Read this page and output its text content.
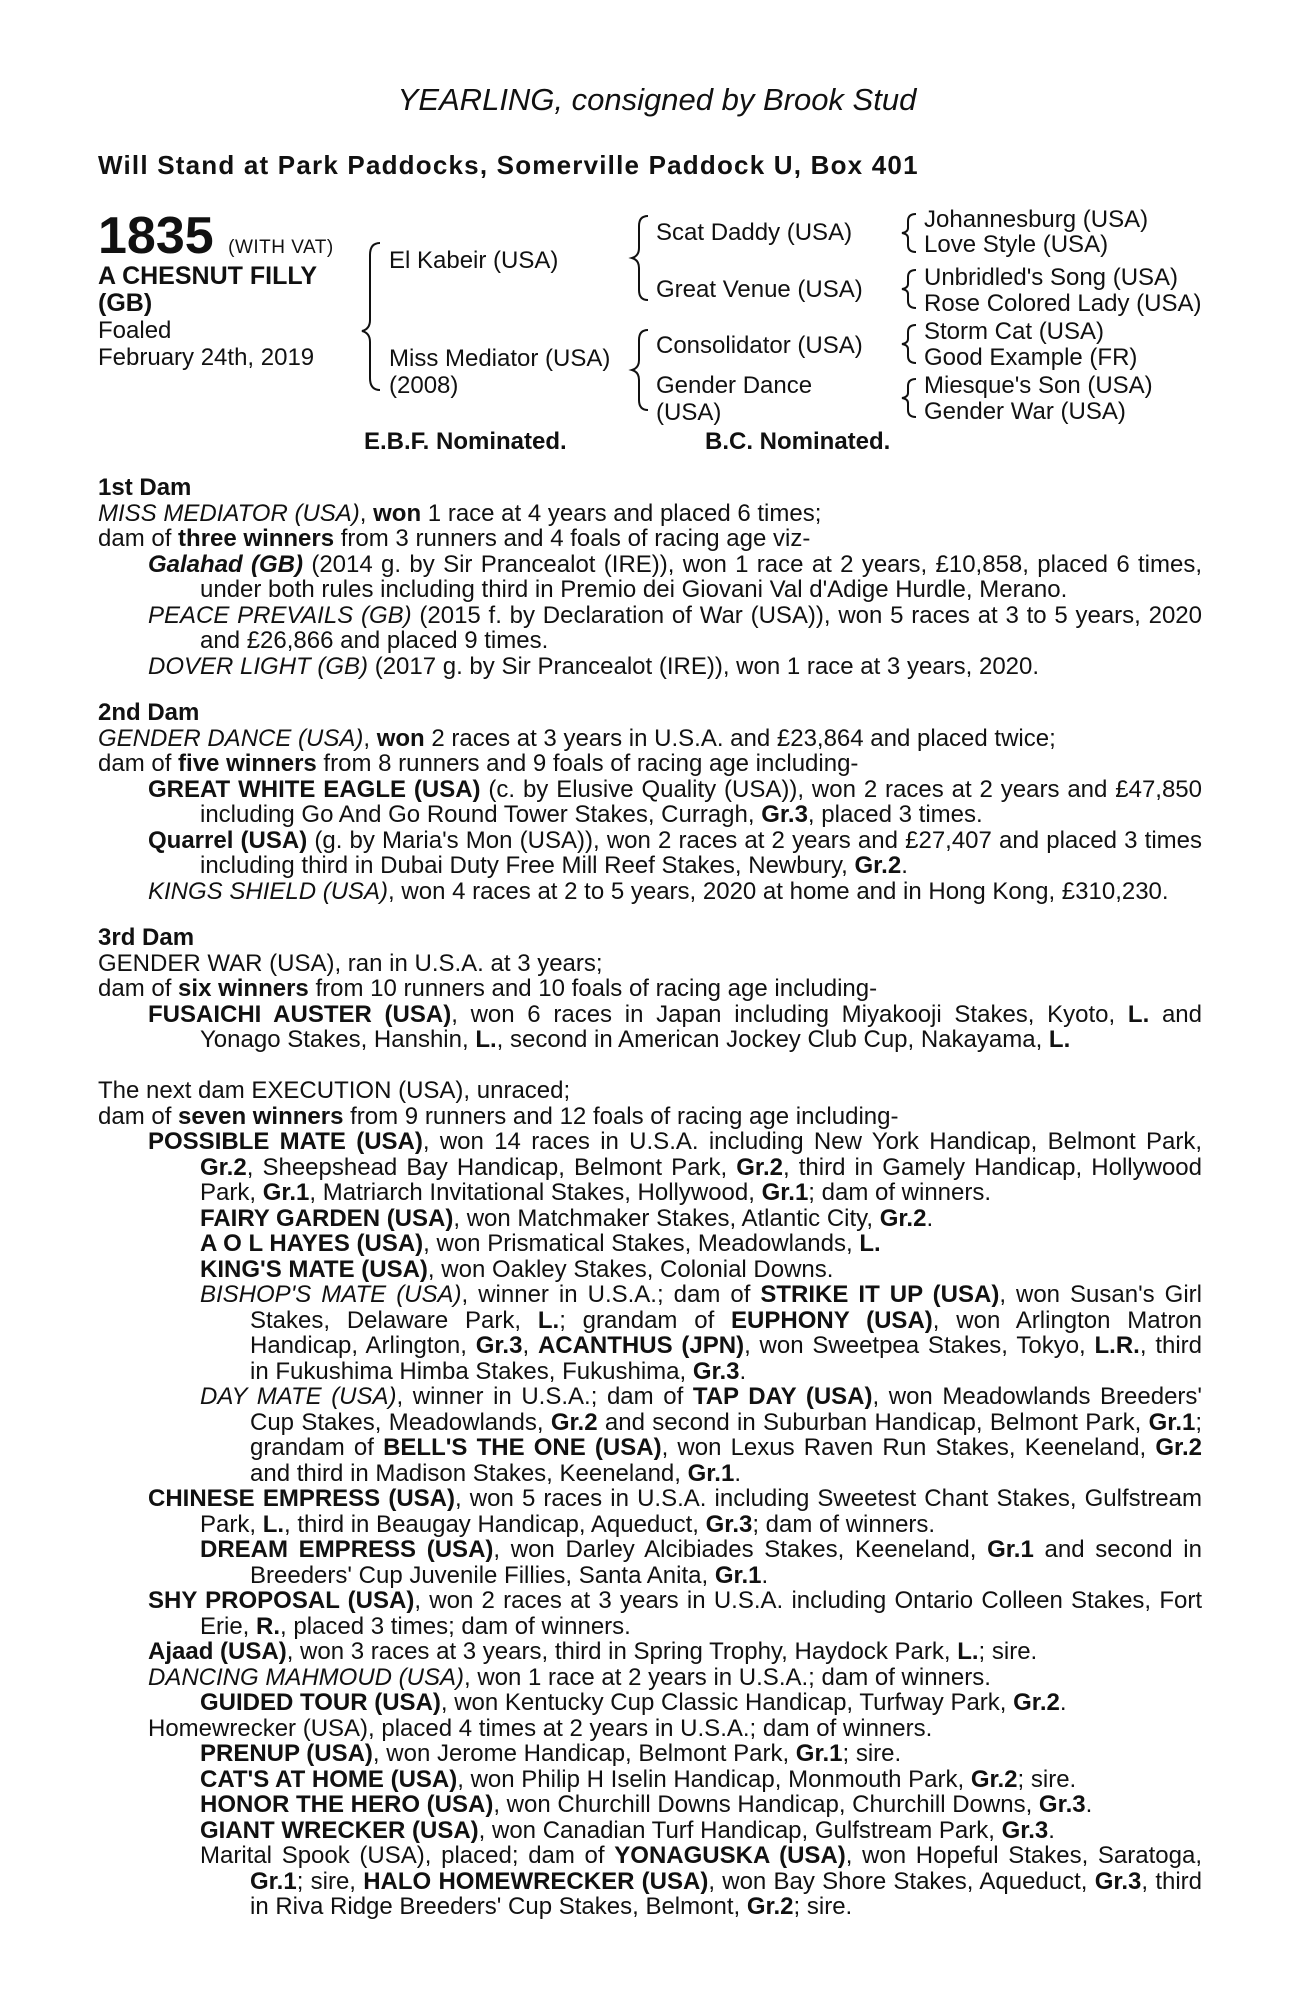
YEARLING, consigned by Brook Stud
Will Stand at Park Paddocks, Somerville Paddock U, Box 401
1835 (WITH VAT)
A CHESNUT FILLY
(GB)
Foaled
February 24th, 2019
El Kabeir (USA)
Miss Mediator (USA)
(2008)
Scat Daddy (USA)
Great Venue (USA)
Consolidator (USA)
Gender Dance
(USA)
Johannesburg (USA)
Love Style (USA)
Unbridled's Song (USA)
Rose Colored Lady (USA)
Storm Cat (USA)
Good Example (FR)
Miesque's Son (USA)
Gender War (USA)
E.B.F. Nominated.	B.C. Nominated.

1st Dam

MISS MEDIATOR (USA), won 1 race at 4 years and placed 6 times;

dam of three winners from 3 runners and 4 foals of racing age viz-

Galahad (GB) (2014 g. by Sir Prancealot (IRE)), won 1 race at 2 years, £10,858, placed 6 times, under both rules including third in Premio dei Giovani Val d'Adige Hurdle, Merano.

PEACE PREVAILS (GB) (2015 f. by Declaration of War (USA)), won 5 races at 3 to 5 years, 2020 and £26,866 and placed 9 times.

DOVER LIGHT (GB) (2017 g. by Sir Prancealot (IRE)), won 1 race at 3 years, 2020.

2nd Dam

GENDER DANCE (USA), won 2 races at 3 years in U.S.A. and £23,864 and placed twice;

dam of five winners from 8 runners and 9 foals of racing age including-

GREAT WHITE EAGLE (USA) (c. by Elusive Quality (USA)), won 2 races at 2 years and £47,850 including Go And Go Round Tower Stakes, Curragh, Gr.3, placed 3 times.

Quarrel (USA) (g. by Maria's Mon (USA)), won 2 races at 2 years and £27,407 and placed 3 times including third in Dubai Duty Free Mill Reef Stakes, Newbury, Gr.2.

KINGS SHIELD (USA), won 4 races at 2 to 5 years, 2020 at home and in Hong Kong, £310,230.

3rd Dam

GENDER WAR (USA), ran in U.S.A. at 3 years;

dam of six winners from 10 runners and 10 foals of racing age including-

FUSAICHI AUSTER (USA), won 6 races in Japan including Miyakooji Stakes, Kyoto, L. and Yonago Stakes, Hanshin, L., second in American Jockey Club Cup, Nakayama, L.

The next dam EXECUTION (USA), unraced;

dam of seven winners from 9 runners and 12 foals of racing age including-

POSSIBLE MATE (USA), won 14 races in U.S.A. including New York Handicap, Belmont Park, Gr.2, Sheepshead Bay Handicap, Belmont Park, Gr.2, third in Gamely Handicap, Hollywood Park, Gr.1, Matriarch Invitational Stakes, Hollywood, Gr.1; dam of winners.

FAIRY GARDEN (USA), won Matchmaker Stakes, Atlantic City, Gr.2.

A O L HAYES (USA), won Prismatical Stakes, Meadowlands, L.

KING'S MATE (USA), won Oakley Stakes, Colonial Downs.

BISHOP'S MATE (USA), winner in U.S.A.; dam of STRIKE IT UP (USA), won Susan's Girl Stakes, Delaware Park, L.; grandam of EUPHONY (USA), won Arlington Matron Handicap, Arlington, Gr.3, ACANTHUS (JPN), won Sweetpea Stakes, Tokyo, L.R., third in Fukushima Himba Stakes, Fukushima, Gr.3.

DAY MATE (USA), winner in U.S.A.; dam of TAP DAY (USA), won Meadowlands Breeders' Cup Stakes, Meadowlands, Gr.2 and second in Suburban Handicap, Belmont Park, Gr.1; grandam of BELL'S THE ONE (USA), won Lexus Raven Run Stakes, Keeneland, Gr.2 and third in Madison Stakes, Keeneland, Gr.1.

CHINESE EMPRESS (USA), won 5 races in U.S.A. including Sweetest Chant Stakes, Gulfstream Park, L., third in Beaugay Handicap, Aqueduct, Gr.3; dam of winners.

DREAM EMPRESS (USA), won Darley Alcibiades Stakes, Keeneland, Gr.1 and second in Breeders' Cup Juvenile Fillies, Santa Anita, Gr.1.

SHY PROPOSAL (USA), won 2 races at 3 years in U.S.A. including Ontario Colleen Stakes, Fort Erie, R., placed 3 times; dam of winners.

Ajaad (USA), won 3 races at 3 years, third in Spring Trophy, Haydock Park, L.; sire.

DANCING MAHMOUD (USA), won 1 race at 2 years in U.S.A.; dam of winners.

GUIDED TOUR (USA), won Kentucky Cup Classic Handicap, Turfway Park, Gr.2.

Homewrecker (USA), placed 4 times at 2 years in U.S.A.; dam of winners.

PRENUP (USA), won Jerome Handicap, Belmont Park, Gr.1; sire.

CAT'S AT HOME (USA), won Philip H Iselin Handicap, Monmouth Park, Gr.2; sire.

HONOR THE HERO (USA), won Churchill Downs Handicap, Churchill Downs, Gr.3.

GIANT WRECKER (USA), won Canadian Turf Handicap, Gulfstream Park, Gr.3.

Marital Spook (USA), placed; dam of YONAGUSKA (USA), won Hopeful Stakes, Saratoga, Gr.1; sire, HALO HOMEWRECKER (USA), won Bay Shore Stakes, Aqueduct, Gr.3, third in Riva Ridge Breeders' Cup Stakes, Belmont, Gr.2; sire.
